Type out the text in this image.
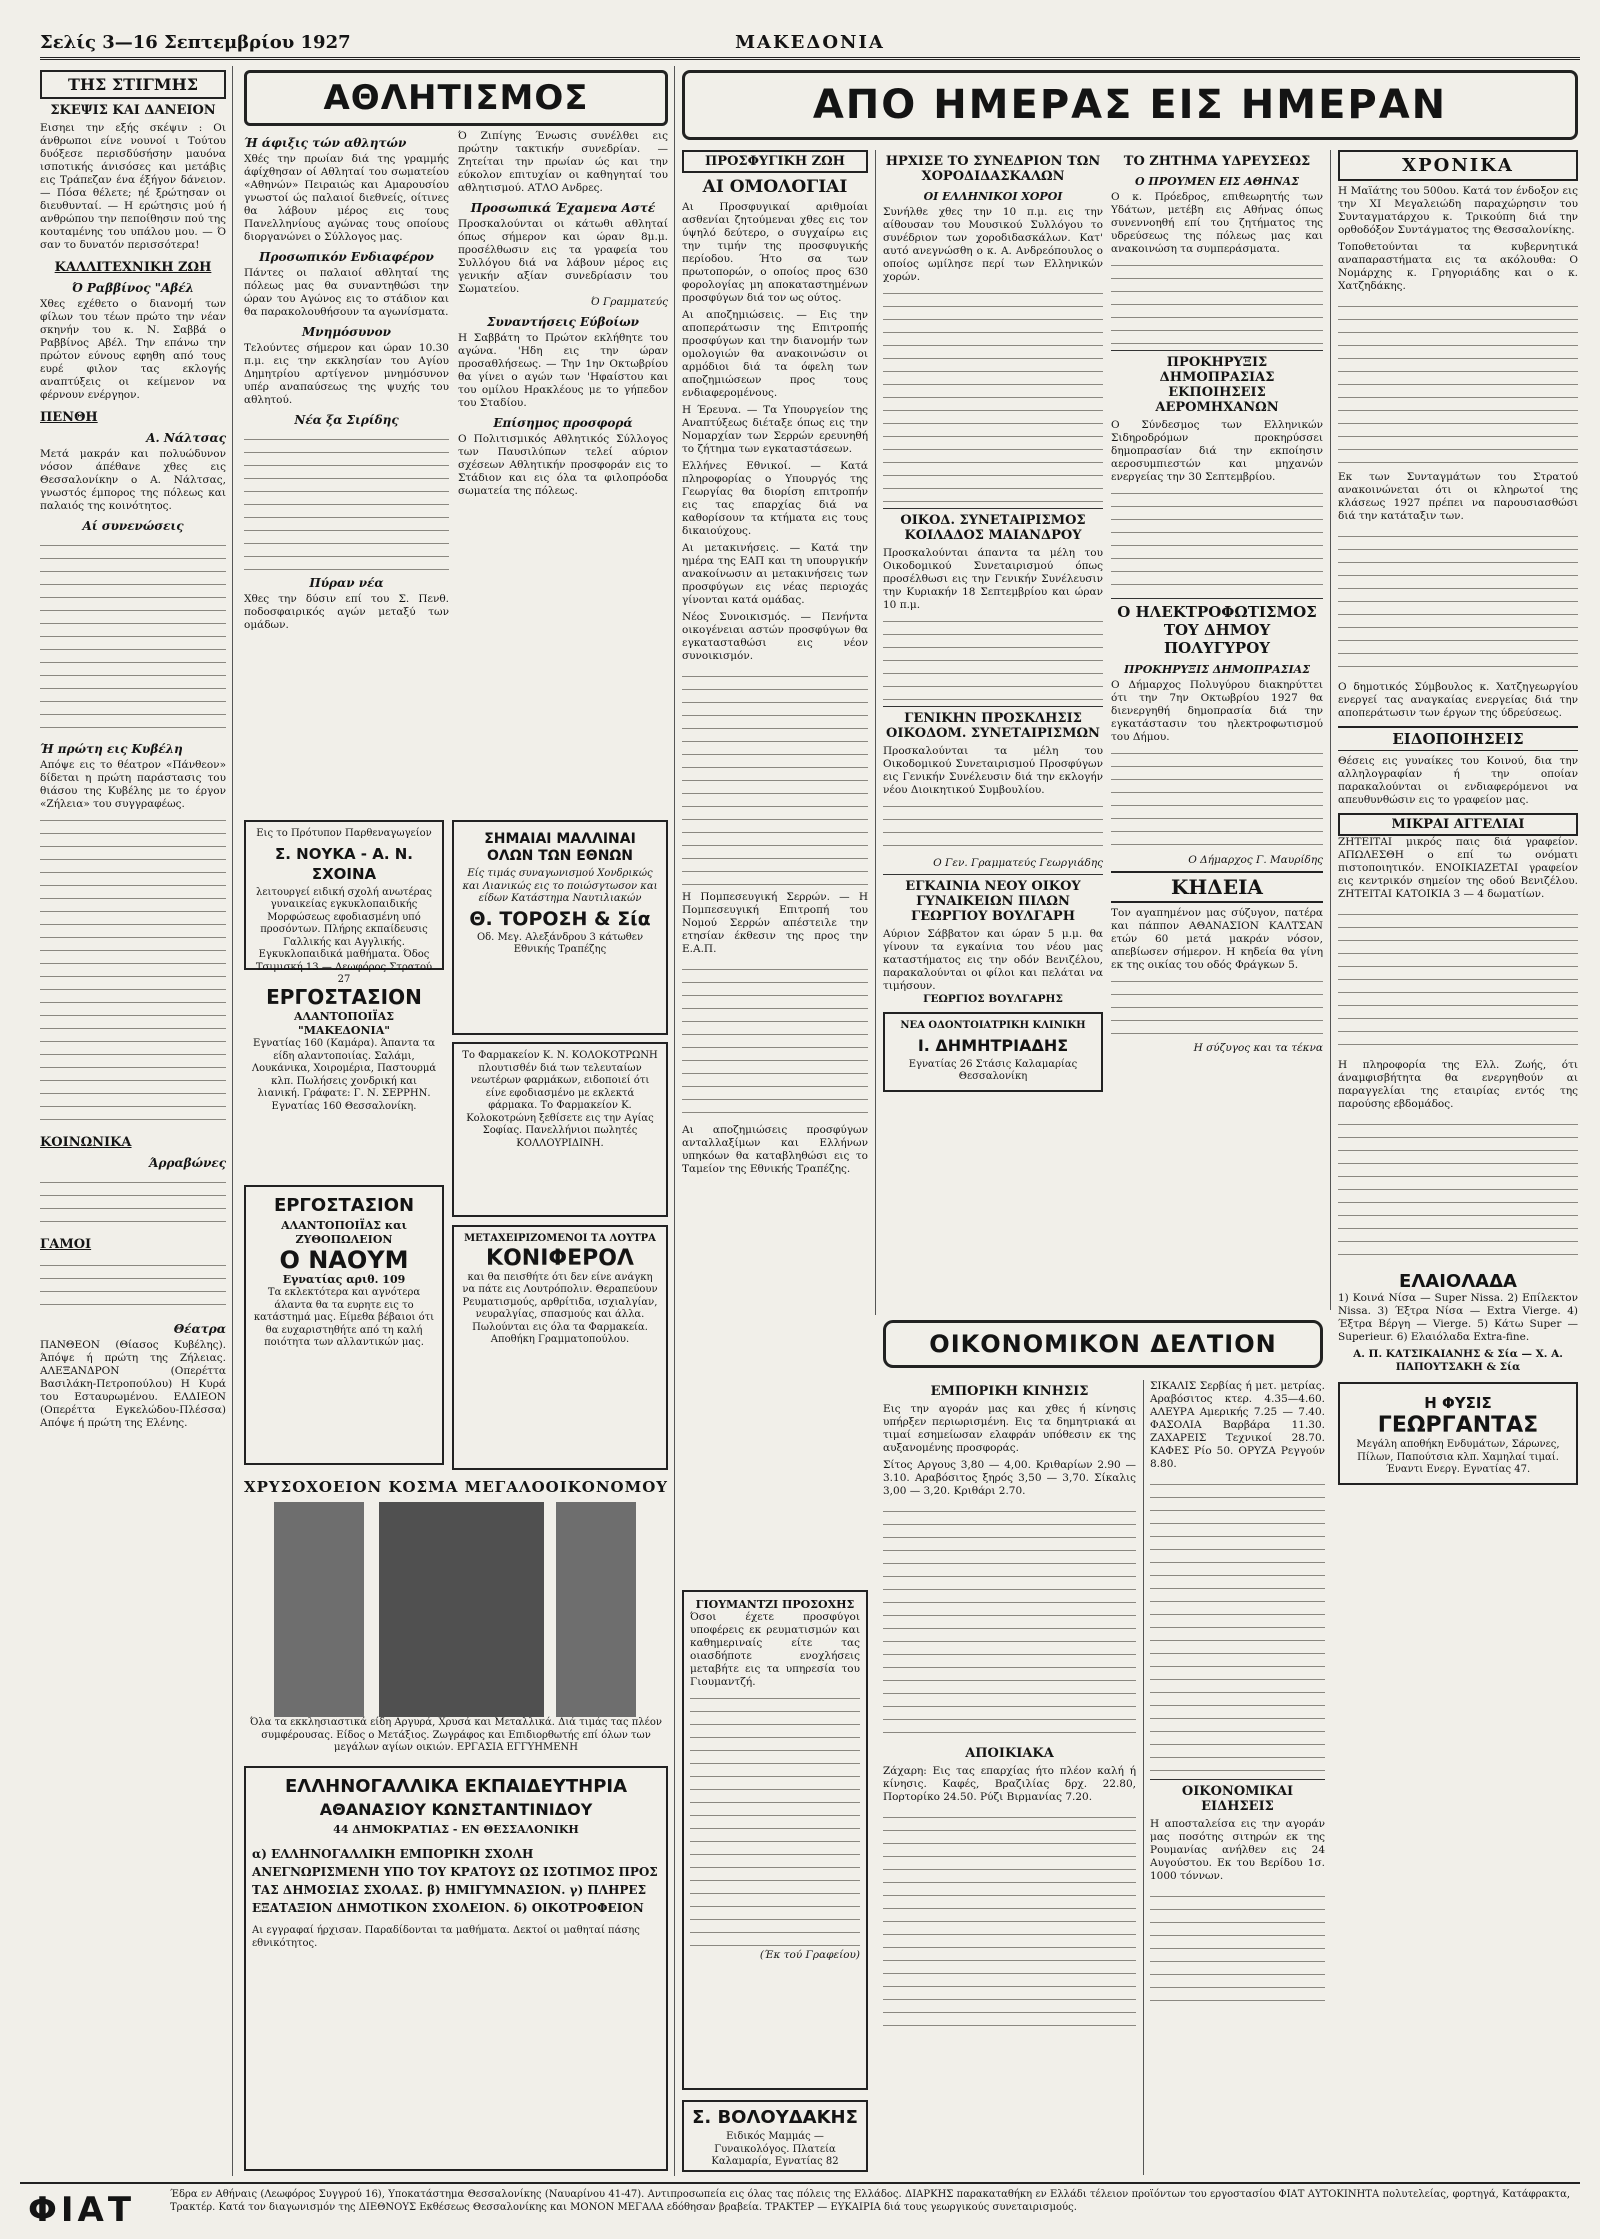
Σελίς 3—16 Σεπτεμβρίου 1927	ΜΑΚΕΔΟΝΙΑ
ΤΗΣ ΣΤΙΓΜΗΣ
ΣΚΕΨΙΣ ΚΑΙ ΔΑΝΕΙΟΝ
Εισηει την εξής σκέψιν : Οι άνθρωποι είνε νουνοί ι Τούτου δυόξεσε περισδύσήσην μαυόνα ισποτικής άνισόσες και μετάβις εις Τράπεζαν ένα έξήγον δάνειον. — Πόσα θέλετε; ηέ ξρώτησαν οι διευθυνταί. — Η ερώτησις μού ή ανθρώπου την πεποίθησιν πού της κουταμένης του υπάλου μου. — Ό σαν το δυνατόν περισσότερα!
ΚΑΛΛΙΤΕΧΝΙΚΗ ΖΩΗ
Ό Ραββίνος "Αβέλ
Χθες εχέθετο ο διανομή των φίλων του τέων πρώτο την νέαν σκηνήν του κ. Ν. Σαββά ο Ραββίνος Αβέλ. Την επάνω την πρώτον εύνους εφηθη από τους ευρέ φιλον τας εκλογής αναπτύξεις οι κείμενον να φέρνουν ενέργηον.
ΠΕΝΘΗ
Α. Νάλτσας
Μετά μακράν και πολυώδυνον νόσον άπέθανε χθες εις Θεσσαλονίκην ο Α. Νάλτσας, γνωστός έμπορος της πόλεως και παλαιός της κοινότητος.
Αί συνενώσεις
Ή πρώτη εις Κυβέλη
Απόψε εις το θέατρον «Πάνθεον» δίδεται η πρώτη παράστασις του θιάσου της Κυβέλης με το έργον «Ζήλεια» του συγγραφέως.
ΚΟΙΝΩΝΙΚΑ
Άρραβώνες
ΓΑΜΟΙ
Θέατρα
ΠΑΝΘΕΟΝ (Θίασος Κυβέλης). Άπόψε ή πρώτη της Ζήλειας. ΑΛΕΞΑΝΔΡΟΝ (Οπερέττα Βασιλάκη-Πετροπούλου) Η Κυρά του Εσταυρωμένου. ΕΛΔΙΕΟΝ (Οπερέττα Εγκελώδου-Πλέσσα) Απόψε ή πρώτη της Ελένης.
ΑΘΛΗΤΙΣΜΟΣ
Ή άφιξις τών αθλητών
Χθές την πρωίαν διά της γραμμής άφίχθησαν οί Αθληταί του σωματείου «Αθηνών» Πειραιώς και Αμαρουσίου γνωστοί ώς παλαιοί διεθνείς, οίτινες θα λάβουν μέρος εις τους Πανελληνίους αγώνας τους οποίους διοργανώνει ο Σύλλογος μας.
Προσωπικόν Ενδιαφέρον
Πάντες οι παλαιοί αθληταί της πόλεως μας θα συναντηθώσι την ώραν του Αγώνος εις το στάδιον και θα παρακολουθήσουν τα αγωνίσματα.
Μνημόσυνον
Τελούντες σήμερον και ώραν 10.30 π.μ. εις την εκκλησίαν του Αγίου Δημητρίου αρτίγενον μνημόσυνον υπέρ αναπαύσεως της ψυχής του αθλητού.
Νέα ξα Σιρίδης
Πύραν νέα
Χθες την δύσιν επί του Σ. Πενθ. ποδοσφαιρικός αγών μεταξύ των ομάδων.
Ό Ζιπίγης Ένωσις συνέλθει εις πρώτην τακτικήν συνεδρίαν. — Ζητείται την πρωίαν ώς και την εύκολον επιτυχίαν οι καθηγηταί του αθλητισμού. ΑΤΛΟ Ανδρες.
Προσωπικά Έχαμενα Αστέ
Προσκαλούνται οι κάτωθι αθληταί όπως σήμερον και ώραν 8μ.μ. προσέλθωσιν εις τα γραφεία του Συλλόγου διά να λάβουν μέρος εις γενικήν αξίαν συνεδρίασιν του Σωματείου.
Ό Γραμματεύς
Συναντήσεις Εύβοίων
Η Σαββάτη το Πρώτον εκλήθητε του αγώνα. 'Ηδη εις την ώραν προσαθλήσεως. — Την 1ην Οκτωβρίου θα γίνει ο αγών των 'Ηφαίστου και του ομίλου Ηρακλέους με το γήπεδον του Σταδίου.
Επίσημος προσφορά
Ο Πολιτισμικός Αθλητικός Σύλλογος των Παυσιλύπων τελεί αύριον σχέσεων Αθλητικήν προσφοράν εις το Στάδιον και εις όλα τα φιλοπρόοδα σωματεία της πόλεως.
Εις το Πρότυπον Παρθεναγωγείον
Σ. ΝΟΥΚΑ - Α. Ν. ΣΧΟΙΝΑ
λειτουργεί ειδική σχολή ανωτέρας γυναικείας εγκυκλοπαιδικής Μορφώσεως εφοδιασμένη υπό προσόντων. Πλήρης εκπαίδευσις Γαλλικής και Αγγλικής. Εγκυκλοπαιδικά μαθήματα. Όδος Τσιμισκή 13 — Λεωφόρος Στρατού 27
ΕΡΓΟΣΤΑΣΙΟΝ
ΑΛΑΝΤΟΠΟΙΪΑΣ "ΜΑΚΕΔΟΝΙΑ"
Εγνατίας 160 (Καμάρα). Άπαντα τα είδη αλαντοποιίας. Σαλάμι, Λουκάνικα, Χοιρομέρια, Παστουρμά κλπ. Πωλήσεις χονδρική και λιανική. Γράφατε: Γ. Ν. ΣΕΡΡΗΝ. Εγνατίας 160 Θεσσαλονίκη.
ΕΡΓΟΣΤΑΣΙΟΝ
ΑΛΑΝΤΟΠΟΙΪΑΣ και ΖΥΘΟΠΩΛΕΙΟΝ
Ο ΝΑΟΥΜ
Εγνατίας αριθ. 109
Τα εκλεκτότερα και αγνότερα άλαντα θα τα ευρητε εις το κατάστημά μας. Είμεθα βέβαιοι ότι θα ευχαριστηθήτε από τη καλή ποιότητα των αλλαντικών μας.
ΣΗΜΑΙΑΙ ΜΑΛΛΙΝΑΙ ΟΛΩΝ ΤΩΝ ΕΘΝΩΝ
Είς τιμάς συναγωνισμού Χονδρικώς και Λιανικώς εις το ποιώσγτωσον και είδων Κατάστημα Ναυτιλιακών
Θ. ΤΟΡΟΣΗ & Σία
Οδ. Μεγ. Αλεξάνδρου 3 κάτωθεν Εθνικής Τραπέζης
Το Φαρμακείον Κ. Ν. ΚΟΛΟΚΟΤΡΩΝΗ πλουτισθέν διά των τελευταίων νεωτέρων φαρμάκων, ειδοποιεί ότι είνε εφοδιασμένο με εκλεκτά φάρμακα. Το Φαρμακείον Κ. Κολοκοτρώνη ξεθίσετε εις την Αγίας Σοφίας. Πανελλήνιοι πωλητές ΚΟΛΛΟΥΡΙΔΙΝΗ.
ΜΕΤΑΧΕΙΡΙΖΟΜΕΝΟΙ ΤΑ ΛΟΥΤΡΑ
ΚΟΝΙΦΕΡΟΛ
και θα πεισθήτε ότι δεν είνε ανάγκη να πάτε εις Λουτρόπολιν. Θεραπεύουν Ρευματισμούς, αρθρίτιδα, ισχιαλγίαν, νευραλγίας, σπασμούς και άλλα. Πωλούνται εις όλα τα Φαρμακεία. Αποθήκη Γραμματοπούλου.
ΧΡΥΣΟΧΟΕΙΟΝ ΚΟΣΜΑ ΜΕΓΑΛΟΟΙΚΟΝΟΜΟΥ
Όλα τα εκκλησιαστικά είδη Αργυρά, Χρυσά και Μεταλλικά. Διά τιμάς τας πλέον συμφέρουσας. Είδος ο Μετάξιος. Ζωγράφος και Επιδιορθωτής επί όλων των μεγάλων αγίων οικιών. ΕΡΓΑΣΙΑ ΕΓΓΥΗΜΕΝΗ
ΕΛΛΗΝΟΓΑΛΛΙΚΑ ΕΚΠΑΙΔΕΥΤΗΡΙΑ
ΑΘΑΝΑΣΙΟΥ ΚΩΝΣΤΑΝΤΙΝΙΔΟΥ
44 ΔΗΜΟΚΡΑΤΙΑΣ - ΕΝ ΘΕΣΣΑΛΟΝΙΚΗ
α) ΕΛΛΗΝΟΓΑΛΛΙΚΗ ΕΜΠΟΡΙΚΗ ΣΧΟΛΗ ΑΝΕΓΝΩΡΙΣΜΕΝΗ ΥΠΟ ΤΟΥ ΚΡΑΤΟΥΣ ΩΣ ΙΣΟΤΙΜΟΣ ΠΡΟΣ ΤΑΣ ΔΗΜΟΣΙΑΣ ΣΧΟΛΑΣ. β) ΗΜΙΓΥΜΝΑΣΙΟΝ. γ) ΠΛΗΡΕΣ ΕΞΑΤΑΞΙΟΝ ΔΗΜΟΤΙΚΟΝ ΣΧΟΛΕΙΟΝ. δ) ΟΙΚΟΤΡΟΦΕΙΟΝ
Αι εγγραφαί ήρχισαν. Παραδίδονται τα μαθήματα. Δεκτοί οι μαθηταί πάσης εθνικότητος.
ΑΠΟ ΗΜΕΡΑΣ ΕΙΣ ΗΜΕΡΑΝ
ΠΡΟΣΦΥΓΙΚΗ ΖΩΗ
ΑΙ ΟΜΟΛΟΓΙΑΙ
Αι Προσφυγικαί αριθμοίαι ασθενίαι ζητούμεναι χθες εις τον ύψηλό δεύτερο, ο συγχαίρω εις την τιμήν της προσφυγικής περίοδου. Ήτο σα των πρωτοπορών, ο οποίος προς 630 φορολογίας μη αποκαταστημένων προσφύγων διά τον ως ούτος.
Αι αποζημιώσεις. — Εις την αποπεράτωσιν της Επιτροπής προσφύγων και την διανομήν των ομολογιών θα ανακοινώσιν οι αρμόδιοι διά τα όφελη των αποζημιώσεων προς τους ενδιαφερομένους.
Η Έρευνα. — Τα Υπουργείον της Αναπτύξεως διέταξε όπως εις την Νομαρχίαν των Σερρών ερευνηθή το ζήτημα των εγκαταστάσεων.
Ελλήνες Εθνικοί. — Κατά πληροφορίας ο Υπουργός της Γεωργίας θα διορίση επιτροπήν εις τας επαρχίας διά να καθορίσουν τα κτήματα εις τους δικαιούχους.
Αι μετακινήσεις. — Κατά την ημέρα της ΕΑΠ και τη υπουργικήν ανακοίνωσιν αι μετακινήσεις των προσφύγων εις νέας περιοχάς γίνονται κατά ομάδας.
Νέος Συνοικισμός. — Πενήντα οικογένειαι αστών προσφύγων θα εγκατασταθώσι εις νέον συνοικισμόν.
Η Πομπεσευγική Σερρών. — Η Πομπεσευγική Επιτροπή του Νομού Σερρών απέστειλε την ετησίαν έκθεσιν της προς την Ε.Α.Π.
Αι αποζημιώσεις προσφύγων ανταλλαξίμων και Ελλήνων υπηκόων θα καταβληθώσι εις το Ταμείον της Εθνικής Τραπέζης.
ΓΙΟΥΜΑΝΤΖΙ ΠΡΟΣΟΧΗΣ
Όσοι έχετε προσφύγοι υποφέρεις εκ ρευματισμών και καθημεριναίς είτε τας οιασδήποτε ενοχλήσεις μεταβήτε εις τα υπηρεσία του Γιουμαντζή.
(Έκ τού Γραφείου)
Σ. ΒΟΛΟΥΔΑΚΗΣ
Ειδικός Μαμμάς — Γυναικολόγος. Πλατεία Καλαμαρία, Εγνατίας 82
ΗΡΧΙΣΕ ΤΟ ΣΥΝΕΔΡΙΟΝ ΤΩΝ ΧΟΡΟΔΙΔΑΣΚΑΛΩΝ
ΟΙ ΕΛΛΗΝΙΚΟΙ ΧΟΡΟΙ
Συνήλθε χθες την 10 π.μ. εις την αίθουσαν του Μουσικού Συλλόγου το συνέδριον των χοροδιδασκάλων. Κατ' αυτό ανεγνώσθη ο κ. Α. Ανδρεόπουλος ο οποίος ωμίλησε περί των Ελληνικών χορών.
ΟΙΚΟΔ. ΣΥΝΕΤΑΙΡΙΣΜΟΣ ΚΟΙΛΑΔΟΣ ΜΑΙΑΝΔΡΟΥ
Προσκαλούνται άπαντα τα μέλη του Οικοδομικού Συνεταιρισμού όπως προσέλθωσι εις την Γενικήν Συνέλευσιν την Κυριακήν 18 Σεπτεμβρίου και ώραν 10 π.μ.
ΓΕΝΙΚΗΝ ΠΡΟΣΚΛΗΣΙΣ ΟΙΚΟΔΟΜ. ΣΥΝΕΤΑΙΡΙΣΜΩΝ
Προσκαλούνται τα μέλη του Οικοδομικού Συνεταιρισμού Προσφύγων εις Γενικήν Συνέλευσιν διά την εκλογήν νέου Διοικητικού Συμβουλίου.
Ο Γεν. Γραμματεύς Γεωργιάδης
ΕΓΚΑΙΝΙΑ ΝΕΟΥ ΟΙΚΟΥ ΓΥΝΑΙΚΕΙΩΝ ΠΙΛΩΝ ΓΕΩΡΓΙΟΥ ΒΟΥΛΓΑΡΗ
Αύριον Σάββατον και ώραν 5 μ.μ. θα γίνουν τα εγκαίνια του νέου μας καταστήματος εις την οδόν Βενιζέλου, παρακαλούνται οι φίλοι και πελάται να τιμήσουν.
ΓΕΩΡΓΙΟΣ ΒΟΥΛΓΑΡΗΣ
ΝΕΑ ΟΔΟΝΤΟΙΑΤΡΙΚΗ ΚΛΙΝΙΚΗ
I. ΔΗΜΗΤΡΙΑΔΗΣ
Εγνατίας 26 Στάσις Καλαμαρίας Θεσσαλονίκη
ΤΟ ΖΗΤΗΜΑ ΥΔΡΕΥΣΕΩΣ
Ο ΠΡΟΥΜΕΝ ΕΙΣ ΑΘΗΝΑΣ
Ο κ. Πρόεδρος, επιθεωρητής των Υδάτων, μετέβη εις Αθήνας όπως συνεννοηθή επί του ζητήματος της υδρεύσεως της πόλεως μας και ανακοινώση τα συμπεράσματα.
ΠΡΟΚΗΡΥΞΙΣ ΔΗΜΟΠΡΑΣΙΑΣ ΕΚΠΟΙΗΣΕΙΣ ΑΕΡΟΜΗΧΑΝΩΝ
Ο Σύνδεσμος των Ελληνικών Σιδηροδρόμων προκηρύσσει δημοπρασίαν διά την εκποίησιν αεροσυμπιεστών και μηχανών ενεργείας την 30 Σεπτεμβρίου.
Ο ΗΛΕΚΤΡΟΦΩΤΙΣΜΟΣ ΤΟΥ ΔΗΜΟΥ ΠΟΛΥΓΥΡΟΥ
ΠΡΟΚΗΡΥΞΙΣ ΔΗΜΟΠΡΑΣΙΑΣ
Ο Δήμαρχος Πολυγύρου διακηρύττει ότι την 7ην Οκτωβρίου 1927 θα διενεργηθή δημοπρασία διά την εγκατάστασιν του ηλεκτροφωτισμού του Δήμου.
Ο Δήμαρχος Γ. Μαυρίδης
ΚΗΔΕΙΑ
Τον αγαπημένον μας σύζυγον, πατέρα και πάππον ΑΘΑΝΑΣΙΟΝ ΚΑΛΤΣΑΝ ετών 60 μετά μακράν νόσον, απεβίωσεν σήμερον. Η κηδεία θα γίνη εκ της οικίας του οδός Φράγκων 5.
Η σύζυγος και τα τέκνα
ΟΙΚΟΝΟΜΙΚΟΝ ΔΕΛΤΙΟΝ
ΕΜΠΟΡΙΚΗ ΚΙΝΗΣΙΣ
Εις την αγοράν μας και χθες ή κίνησις υπήρξεν περιωρισμένη. Εις τα δημητριακά αι τιμαί εσημείωσαν ελαφράν υπόθεσιν εκ της αυξανομένης προσφοράς.
Σίτος Αργους 3,80 — 4,00. Κριθαρίων 2.90 — 3.10. Αραβόσιτος ξηρός 3,50 — 3,70. Σίκαλις 3,00 — 3,20. Κριθάρι 2.70.
ΑΠΟΙΚΙΑΚΑ
Ζάχαρη: Εις τας επαρχίας ήτο πλέον καλή ή κίνησις. Καφές, Βραζιλίας δρχ. 22.80, Πορτορίκο 24.50. Ρύζι Βιρμανίας 7.20.
ΣΙΚΑΛΙΣ Σερβίας ή μετ. μετρίας. Αραβόσιτος κτερ. 4.35—4.60. ΑΛΕΥΡΑ Αμερικής 7.25 — 7.40. ΦΑΣΟΛΙΑ Βαρβάρα 11.30. ΖΑΧΑΡΕΙΣ Τεχνικοί 28.70. ΚΑΦΕΣ Ρίο 50. ΟΡΥΖΑ Ρεγγούν 8.80.
ΟΙΚΟΝΟΜΙΚΑΙ ΕΙΔΗΣΕΙΣ
Η αποσταλείσα εις την αγοράν μας ποσότης σιτηρών εκ της Ρουμανίας ανήλθεν εις 24 Αυγούστου. Εκ του Βερίδου 1σ. 1000 τόννων.
ΧΡΟΝΙΚΑ
Η Μαϊάτης του 500ου. Κατά τον ένδοξον εις την ΧΙ Μεγαλειώδη παραχώρησιν του Συνταγματάρχου κ. Τρικούπη διά την ορθοδόξον Συντάγματος της Θεσσαλονίκης.
Τοποθετούνται τα κυβερνητικά αναπαραστήματα εις τα ακόλουθα: Ο Νομάρχης κ. Γρηγοριάδης και ο κ. Χατζηδάκης.
Εκ των Συνταγμάτων του Στρατού ανακοινώνεται ότι οι κληρωτοί της κλάσεως 1927 πρέπει να παρουσιασθώσι διά την κατάταξιν των.
Ο δημοτικός Σύμβουλος κ. Χατζηγεωργίου ενεργεί τας αναγκαίας ενεργείας διά την αποπεράτωσιν των έργων της ύδρεύσεως.
ΕΙΔΟΠΟΙΗΣΕΙΣ
Θέσεις εις γυναίκες του Κοινού, δια την αλληλογραφίαν ή την οποίαν παρακαλούνται οι ενδιαφερόμενοι να απευθυνθώσιν εις το γραφείον μας.
ΜΙΚΡΑΙ ΑΓΓΕΛΙΑΙ
ΖΗΤΕΙΤΑΙ μικρός παις διά γραφείον. ΑΠΩΛΕΣΘΗ ο επί τω ονόματι πιστοποιητικόν. ΕΝΟΙΚΙΑΖΕΤΑΙ γραφείον εις κεντρικόν σημείον της οδού Βενιζέλου. ΖΗΤΕΙΤΑΙ ΚΑΤΟΙΚΙΑ 3 — 4 δωματίων.
Η πληροφορία της Ελλ. Ζωής, ότι άναμφισβήτητα θα ενεργηθούν αι παραγγελίαι της εταιρίας εντός της παρούσης εβδομάδος.
ΕΛΑΙΟΛΑΔΑ
1) Κοινά Νίσα — Super Nissa. 2) Επίλεκτον Nissa. 3) Έξτρα Νίσα — Extra Vierge. 4) Έξτρα Βέργη — Vierge. 5) Κάτω Super — Superieur. 6) Ελαιόλαδα Extra-fine.
Α. Π. ΚΑΤΣΙΚΑΙΑΝΗΣ & Σία — Χ. Α. ΠΑΠΟΥΤΣΑΚΗ & Σία
Η ΦΥΣΙΣ
ΓΕΩΡΓΑΝΤΑΣ
Μεγάλη αποθήκη Ενδυμάτων, Σάρωνες, Πίλων, Παπούτσια κλπ. Χαμηλαί τιμαί. Έναντι Ενεργ. Εγνατίας 47.
ΦΙΑΤ	Έδρα εν Αθήναις (Λεωφόρος Συγγρού 16), Υποκατάστημα Θεσσαλονίκης (Ναυαρίνου 41-47). Αντιπροσωπεία εις όλας τας πόλεις της Ελλάδος. ΔΙΑΡΚΗΣ παρακαταθήκη εν Ελλάδι τέλειον προϊόντων του εργοστασίου ΦΙΑΤ ΑΥΤΟΚΙΝΗΤΑ πολυτελείας, φορτηγά, Κατάφρακτα, Τρακτέρ. Κατά τον διαγωνισμόν της ΔΙΕΘΝΟΥΣ Εκθέσεως Θεσσαλονίκης και ΜΟΝΟΝ ΜΕΓΑΛΑ εδόθησαν βραβεία. ΤΡΑΚΤΕΡ — ΕΥΚΑΙΡΙΑ διά τους γεωργικούς συνεταιρισμούς.
